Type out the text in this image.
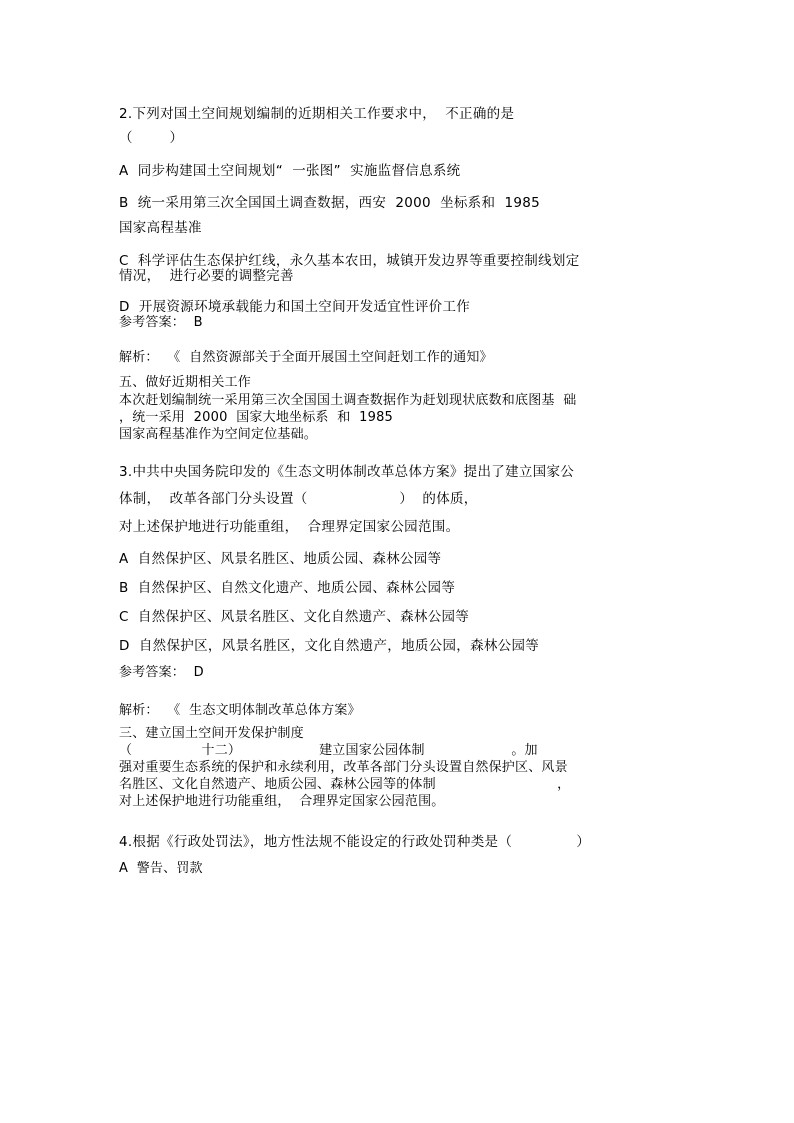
2.下列对国土空间规划编制的近期相关工作要求中，  不正确的是
（        ）
A  同步构建国土空间规划“  一张图”  实施监督信息系统
B  统一采用第三次全国国土调查数据，西安  2000  坐标系和  1985
国家高程基准
C  科学评估生态保护红线，永久基本农田，城镇开发边界等重要控制线划定
情况，  进行必要的调整完善
D  开展资源环境承载能力和国土空间开发适宜性评价工作
参考答案：  B
解析：  《  自然资源部关于全面开展国土空间赶划工作的通知》
五、做好近期相关工作
本次赶划编制统一采用第三次全国国土调查数据作为赶划现状底数和底图基  础
，统一采用  2000  国家大地坐标系  和  1985
国家高程基准作为空间定位基础。
3.中共中央国务院印发的《生态文明体制改革总体方案》提出了建立国家公
体制，  改革各部门分头设置（                    ）  的体质，
对上述保护地进行功能重组，  合理界定国家公园范围。
A  自然保护区、风景名胜区、地质公园、森林公园等
B  自然保护区、自然文化遗产、地质公园、森林公园等
C  自然保护区、风景名胜区、文化自然遗产、森林公园等
D  自然保护区，风景名胜区，文化自然遗产，地质公园，森林公园等
参考答案：  D
解析：  《  生态文明体制改革总体方案》
三、建立国土空间开发保护制度
（                十二）                  建立国家公园体制                    。加
强对重要生态系统的保护和永续利用，改革各部门分头设置自然保护区、风景
名胜区、文化自然遗产、地质公园、森林公园等的体制                            ，
对上述保护地进行功能重组，  合理界定国家公园范围。
4.根据《行政处罚法》，地方性法规不能设定的行政处罚种类是（              ）
A  警告、罚款
